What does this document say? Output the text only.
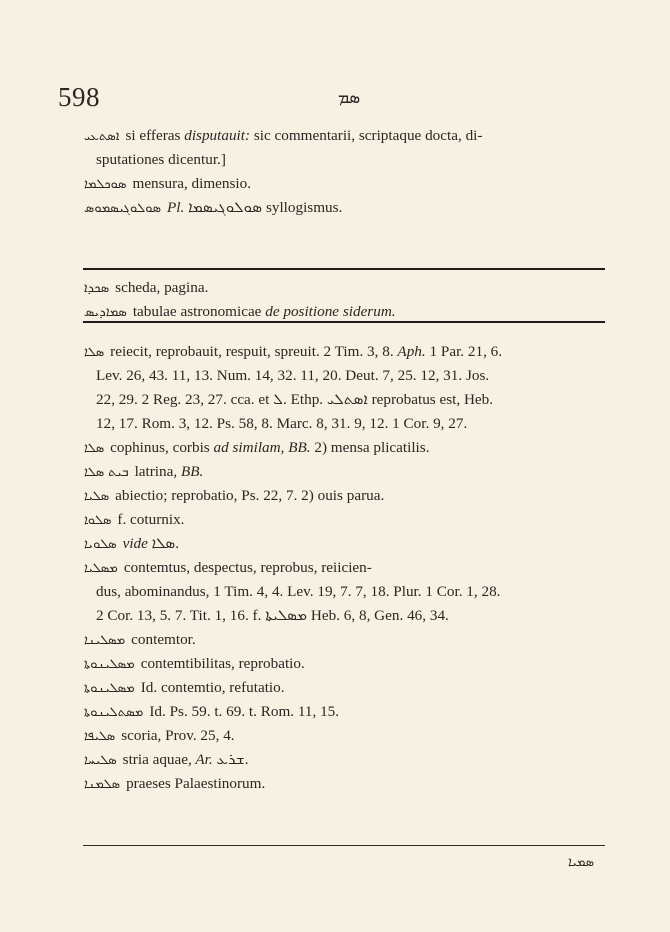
598	ܣܡ
ܐܣܬܥܝ si efferas disputauit: sic commentarii, scriptaque docta, di-
sputationes dicentur.]
ܣܘܟܠܡܐ mensura, dimensio.
ܣܘܠܘܓܝܣܡܘܣ Pl. ܣܘܠܘܓܝܣܡܐ syllogismus.
ܣܟܕܐ scheda, pagina.
ܣܡܐܕܝܣ tabulae astronomicae de positione siderum.
ܣܠܐ reiecit, reprobauit, respuit, spreuit. 2 Tim. 3, 8. Aph. 1 Par. 21, 6.
Lev. 26, 43. 11, 13. Num. 14, 32. 11, 20. Deut. 7, 25. 12, 31. Jos.
22, 29. 2 Reg. 23, 27. cca. et ܠ. Ethp. ܐܣܬܠܝ reprobatus est, Heb.
12, 17. Rom. 3, 12. Ps. 58, 8. Marc. 8, 31. 9, 12. 1 Cor. 9, 27.
ܣܠܐ cophinus, corbis ad similam, BB. 2) mensa plicatilis.
ܒܝܬ ܣܠܐ latrina, BB.
ܣܠܝܐ abiectio; reprobatio, Ps. 22, 7. 2) ouis parua.
ܣܠܘܐ f. coturnix.
ܣܠܘܝܐ vide ܣܠܐ.
ܡܣܠܝܐ contemtus, despectus, reprobus, reiicien-
dus, abominandus, 1 Tim. 4, 4. Lev. 19, 7. 7, 18. Plur. 1 Cor. 1, 28.
2 Cor. 13, 5. 7. Tit. 1, 16. f. ܡܣܠܝܬܐ Heb. 6, 8, Gen. 46, 34.
ܡܣܠܝܢܐ contemtor.
ܡܣܠܝܢܘܬܐ contemtibilitas, reprobatio.
ܡܣܠܝܢܘܬܐ Id. contemtio, refutatio.
ܡܣܬܠܝܢܘܬܐ Id. Ps. 59. t. 69. t. Rom. 11, 15.
ܣܠܝܦܐ scoria, Prov. 25, 4.
ܣܠܝܚܐ stria aquae, Ar. ܫܪܥ.
ܣܠܡܢܐ praeses Palaestinorum.
ܣܡܝܐ
